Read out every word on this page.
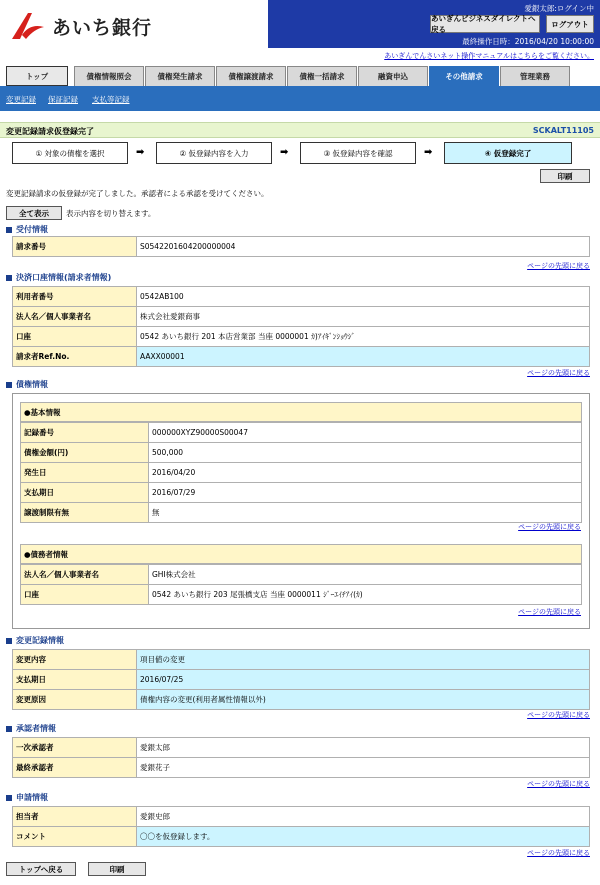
あいち銀行
愛銀太郎:ログイン中
あいぎんビジネスダイレクトへ戻る
ログアウト
最終操作日時：2016/04/20 10:00:00
あいぎんでんさいネット操作マニュアルはこちらをご覧ください。
トップ	債権情報照会	債権発生請求	債権譲渡請求	債権一括請求	融資申込	その他請求	管理業務
変更記録 保証記録 支払等記録
変更記録請求仮登録完了	SCKALT11105
① 対象の債権を選択	➡	② 仮登録内容を入力	➡	③ 仮登録内容を確認	➡	④ 仮登録完了
印刷
変更記録請求の仮登録が完了しました。承認者による承認を受けてください。
全て表示	表示内容を切り替えます。
受付情報
請求番号	S0542201604200000004
ページの先頭に戻る
決済口座情報(請求者情報)
利用者番号	0542AB100
法人名／個人事業者名	株式会社愛銀商事
口座	0542 あいち銀行 201 本店営業部 当座 0000001 ｶ)ｱｲｷﾞﾝｼｮｳｼﾞ
請求者Ref.No.	AAXX00001
ページの先頭に戻る
債権情報
●基本情報
記録番号	000000XYZ90000S00047
債権金額(円)	500,000
発生日	2016/04/20
支払期日	2016/07/29
譲渡制限有無	無
ページの先頭に戻る
●債務者情報
法人名／個人事業者名	GHI株式会社
口座	0542 あいち銀行 203 尾張橋支店 当座 0000011 ｼﾞｰｴｲﾁｱｲ(ｶ)
ページの先頭に戻る
変更記録情報
変更内容	項目値の変更
支払期日	2016/07/25
変更原因	債権内容の変更(利用者属性情報以外)
ページの先頭に戻る
承認者情報
一次承認者	愛銀太郎
最終承認者	愛銀花子
ページの先頭に戻る
申請情報
担当者	愛銀史郎
コメント	〇〇を仮登録します。
ページの先頭に戻る
トップへ戻る	印刷
